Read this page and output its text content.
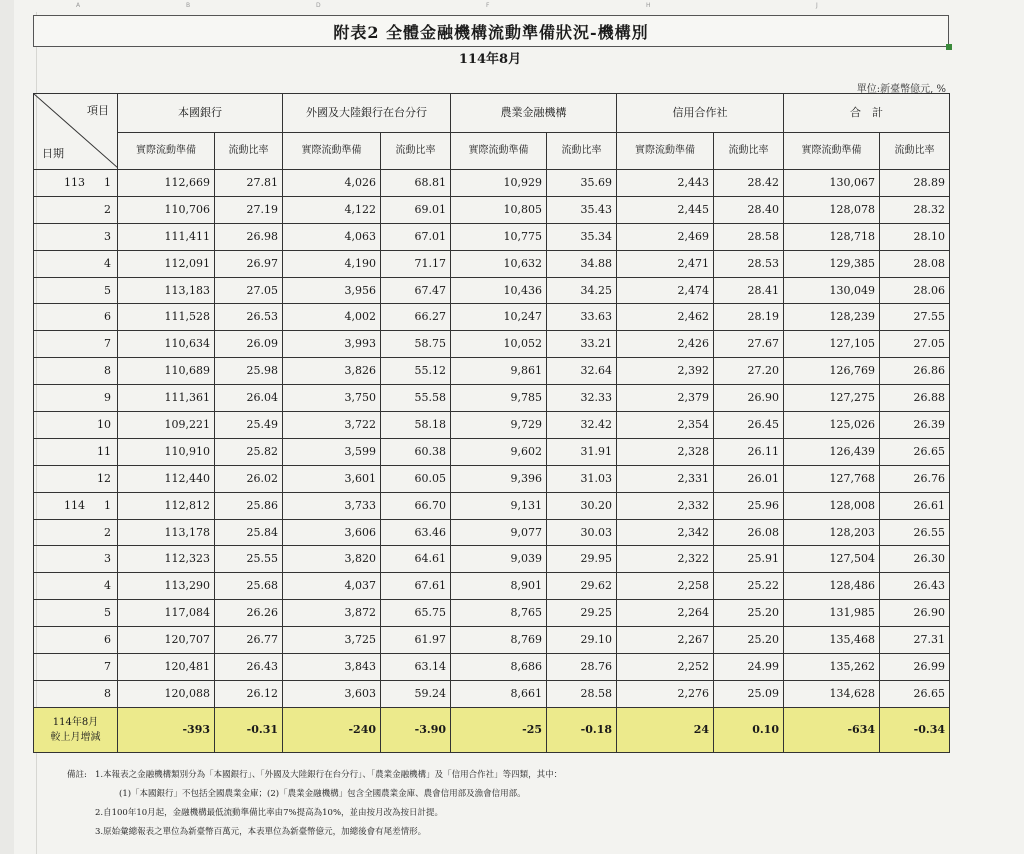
A	B	D	F	H	J
附表2 全體金融機構流動準備狀況-機構別
114年8月
單位:新臺幣億元, %
項目
日期	本國銀行		外國及大陸銀行在台分行		農業金融機構		信用合作社		合　計	
	實際流動準備	流動比率	實際流動準備	流動比率	實際流動準備	流動比率	實際流動準備	流動比率	實際流動準備	流動比率

113 1	112,669	27.81	4,026	68.81	10,929	35.69	2,443	28.42	130,067	28.89

2	110,706	27.19	4,122	69.01	10,805	35.43	2,445	28.40	128,078	28.32

3	111,411	26.98	4,063	67.01	10,775	35.34	2,469	28.58	128,718	28.10

4	112,091	26.97	4,190	71.17	10,632	34.88	2,471	28.53	129,385	28.08

5	113,183	27.05	3,956	67.47	10,436	34.25	2,474	28.41	130,049	28.06

6	111,528	26.53	4,002	66.27	10,247	33.63	2,462	28.19	128,239	27.55

7	110,634	26.09	3,993	58.75	10,052	33.21	2,426	27.67	127,105	27.05

8	110,689	25.98	3,826	55.12	9,861	32.64	2,392	27.20	126,769	26.86

9	111,361	26.04	3,750	55.58	9,785	32.33	2,379	26.90	127,275	26.88

10	109,221	25.49	3,722	58.18	9,729	32.42	2,354	26.45	125,026	26.39

11	110,910	25.82	3,599	60.38	9,602	31.91	2,328	26.11	126,439	26.65

12	112,440	26.02	3,601	60.05	9,396	31.03	2,331	26.01	127,768	26.76

114 1	112,812	25.86	3,733	66.70	9,131	30.20	2,332	25.96	128,008	26.61

2	113,178	25.84	3,606	63.46	9,077	30.03	2,342	26.08	128,203	26.55

3	112,323	25.55	3,820	64.61	9,039	29.95	2,322	25.91	127,504	26.30

4	113,290	25.68	4,037	67.61	8,901	29.62	2,258	25.22	128,486	26.43

5	117,084	26.26	3,872	65.75	8,765	29.25	2,264	25.20	131,985	26.90

6	120,707	26.77	3,725	61.97	8,769	29.10	2,267	25.20	135,468	27.31

7	120,481	26.43	3,843	63.14	8,686	28.76	2,252	24.99	135,262	26.99

8	120,088	26.12	3,603	59.24	8,661	28.58	2,276	25.09	134,628	26.65

114年8月
較上月增減	-393	-0.31	-240	-3.90	-25	-0.18	24	0.10	-634	-0.34
備註: 1.本報表之金融機構類別分為「本國銀行」、「外國及大陸銀行在台分行」、「農業金融機構」及「信用合作社」等四類，其中：
(1)「本國銀行」不包括全國農業金庫；(2)「農業金融機構」包含全國農業金庫、農會信用部及漁會信用部。
2.自100年10月起，金融機構最低流動準備比率由7%提高為10%，並由按月改為按日計提。
3.原始彙總報表之單位為新臺幣百萬元，本表單位為新臺幣億元，加總後會有尾差情形。
